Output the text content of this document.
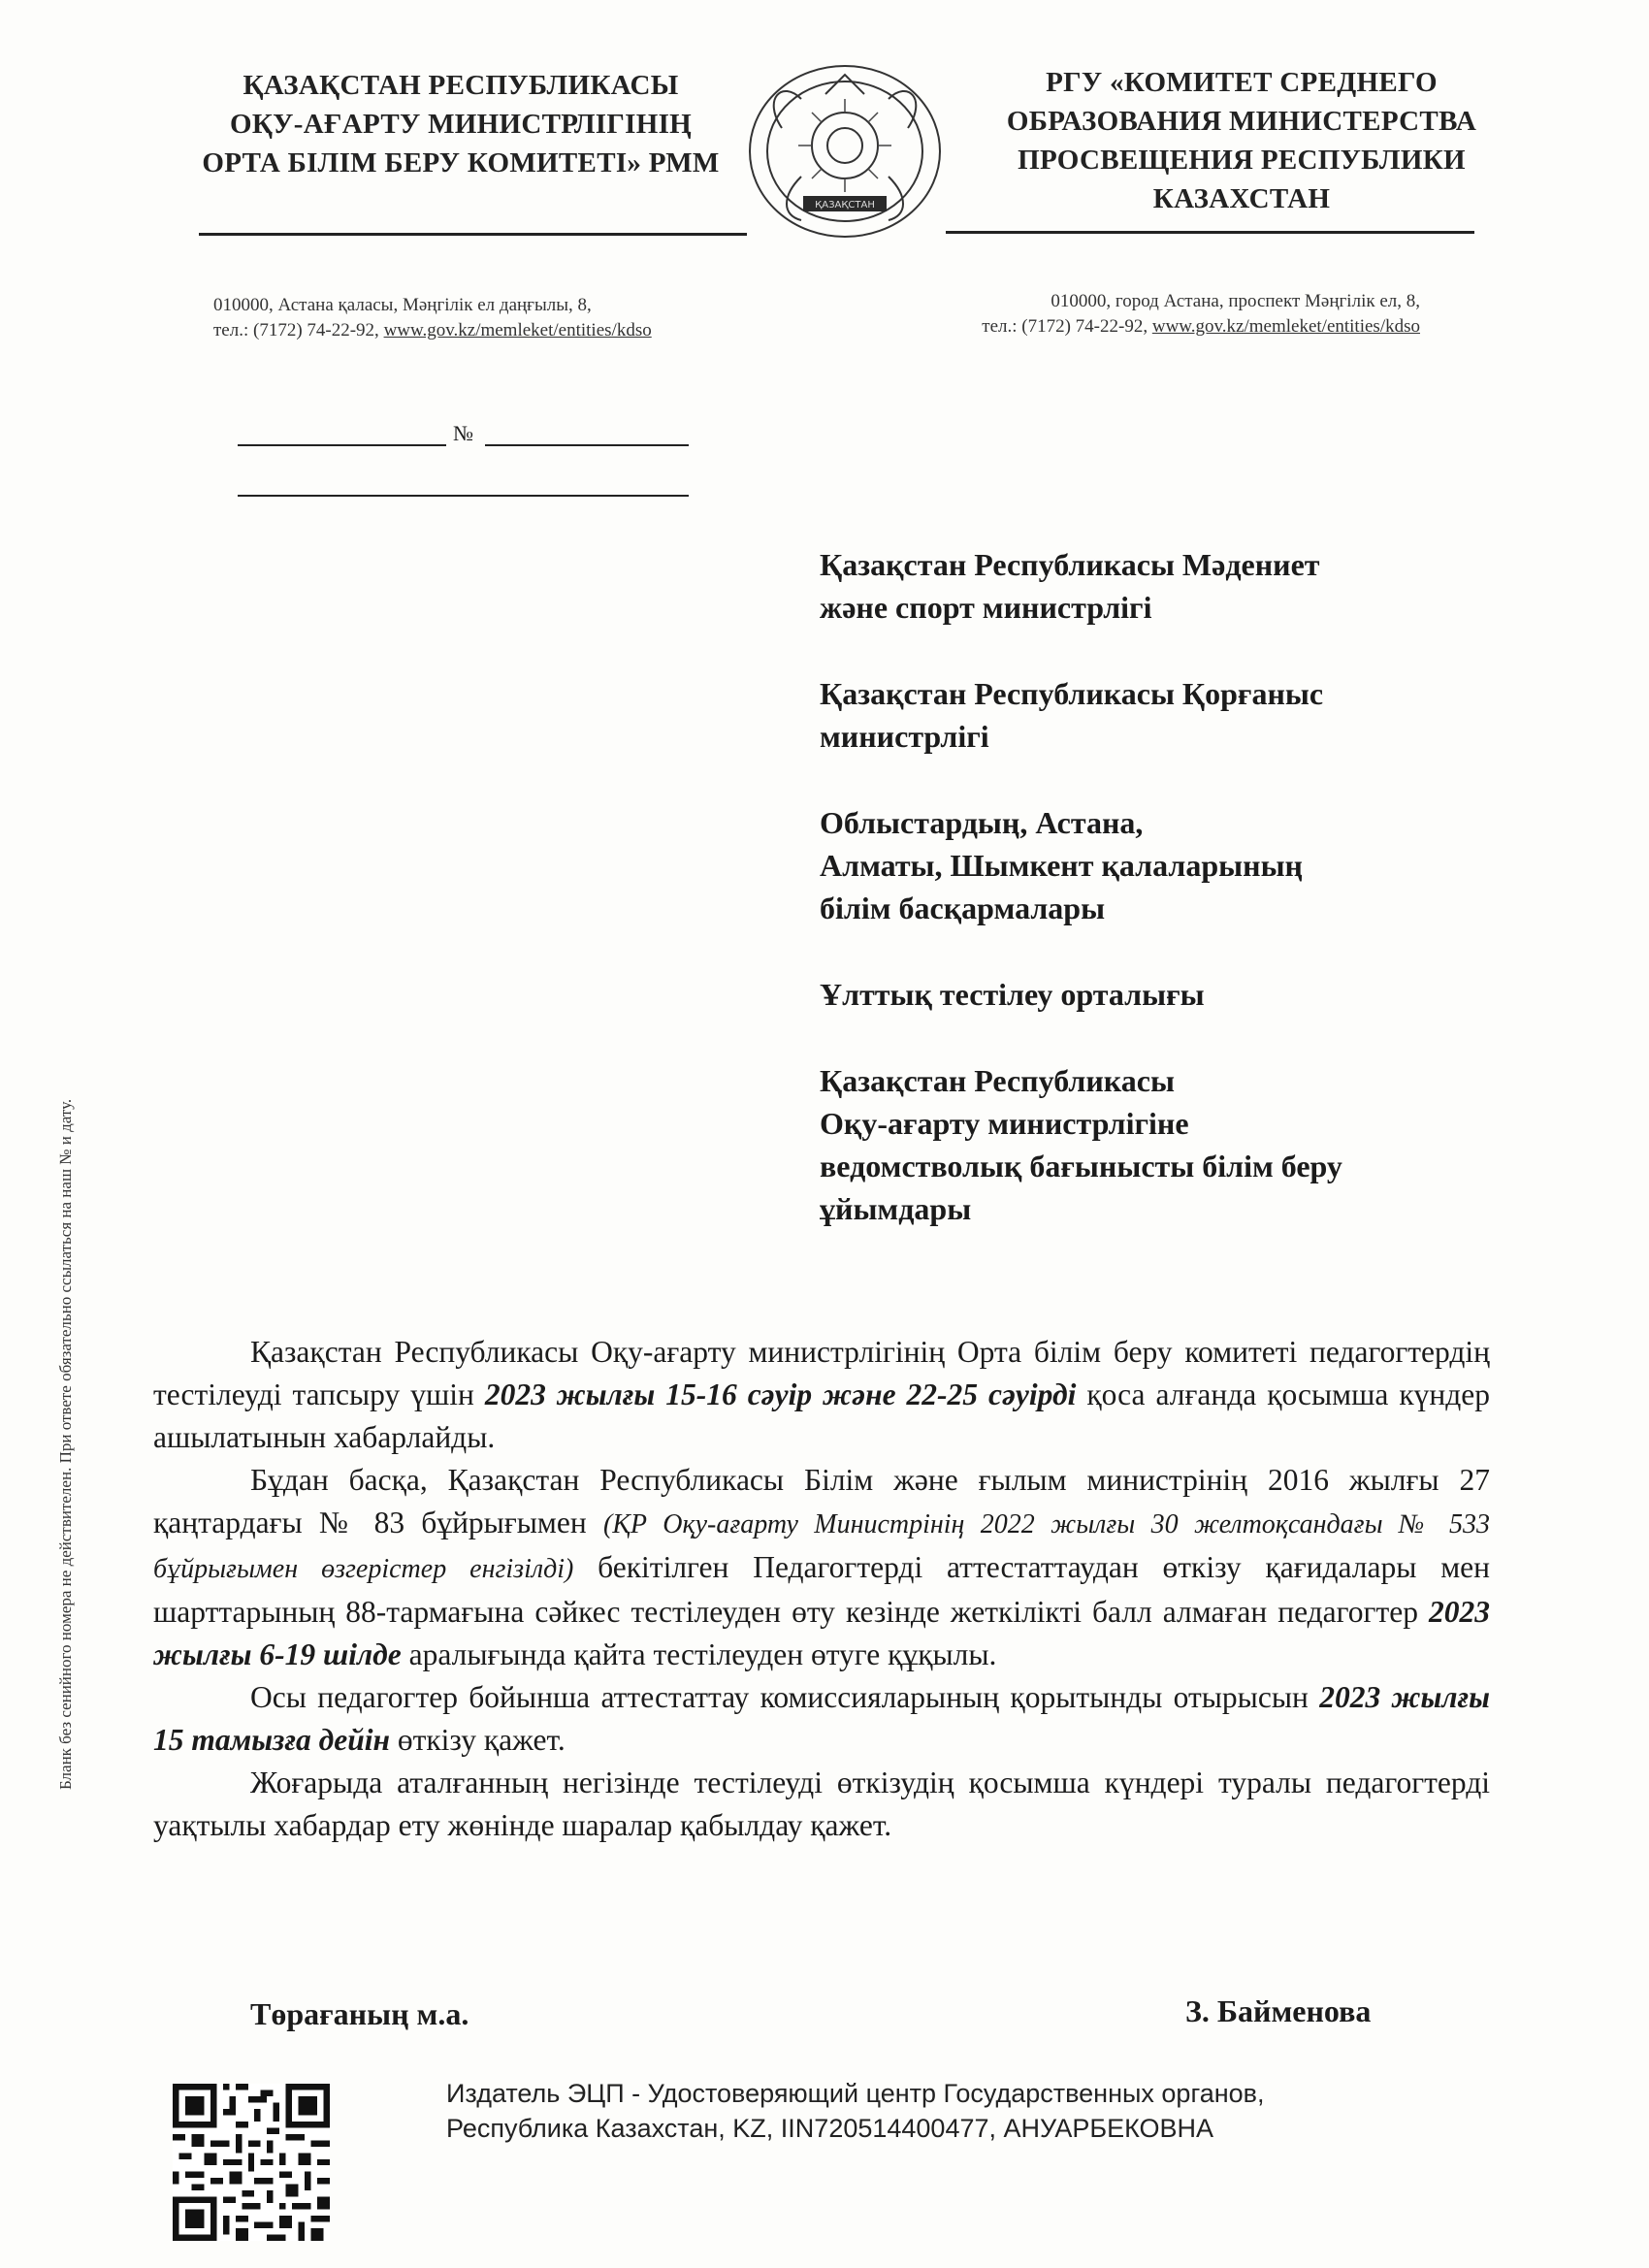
ҚАЗАҚСТАН РЕСПУБЛИКАСЫ
ОҚУ-АҒАРТУ МИНИСТРЛІГІНІҢ
ОРТА БІЛІМ БЕРУ КОМИТЕТІ» РММ
ҚАЗАҚСТАН
РГУ «КОМИТЕТ СРЕДНЕГО
ОБРАЗОВАНИЯ МИНИСТЕРСТВА
ПРОСВЕЩЕНИЯ РЕСПУБЛИКИ
КАЗАХСТАН
010000, Астана қаласы, Мәңгілік ел даңғылы, 8,
тел.: (7172) 74-22-92, www.gov.kz/memleket/entities/kdso
010000, город Астана, проспект Мәңгілік ел, 8,
тел.: (7172) 74-22-92, www.gov.kz/memleket/entities/kdso
№
Қазақстан Республикасы Мәдениет
және спорт министрлігі
Қазақстан Республикасы Қорғаныс
министрлігі
Облыстардың, Астана,
Алматы, Шымкент қалаларының
білім басқармалары
Ұлттық тестілеу орталығы
Қазақстан Республикасы
Оқу-ағарту министрлігіне
ведомстволық бағынысты білім беру
ұйымдары

Қазақстан Республикасы Оқу-ағарту министрлігінің Орта білім беру комитеті педагогтердің тестілеуді тапсыру үшін 2023 жылғы 15-16 сәуір және 22-25 сәуірді қоса алғанда қосымша күндер ашылатынын хабарлайды.

Бұдан басқа, Қазақстан Республикасы Білім және ғылым министрінің 2016 жылғы 27 қаңтардағы № 83 бұйрығымен (ҚР Оқу-ағарту Министрінің 2022 жылғы 30 желтоқсандағы № 533 бұйрығымен өзгерістер енгізілді) бекітілген Педагогтерді аттестаттаудан өткізу қағидалары мен шарттарының 88-тармағына сәйкес тестілеуден өту кезінде жеткілікті балл алмаған педагогтер 2023 жылғы 6-19 шілде аралығында қайта тестілеуден өтуге құқылы.

Осы педагогтер бойынша аттестаттау комиссияларының қорытынды отырысын 2023 жылғы 15 тамызға дейін өткізу қажет.

Жоғарыда аталғанның негізінде тестілеуді өткізудің қосымша күндері туралы педагогтерді уақтылы хабардар ету жөнінде шаралар қабылдау қажет.

Төрағаның м.а.	З. Байменова
Издатель ЭЦП - Удостоверяющий центр Государственных органов,
Республика Казахстан, KZ, IIN720514400477, АНУАРБЕКОВНА
Бланк без сенийного номера не действителен. При ответе обязательно ссылаться на наш № и дату.
